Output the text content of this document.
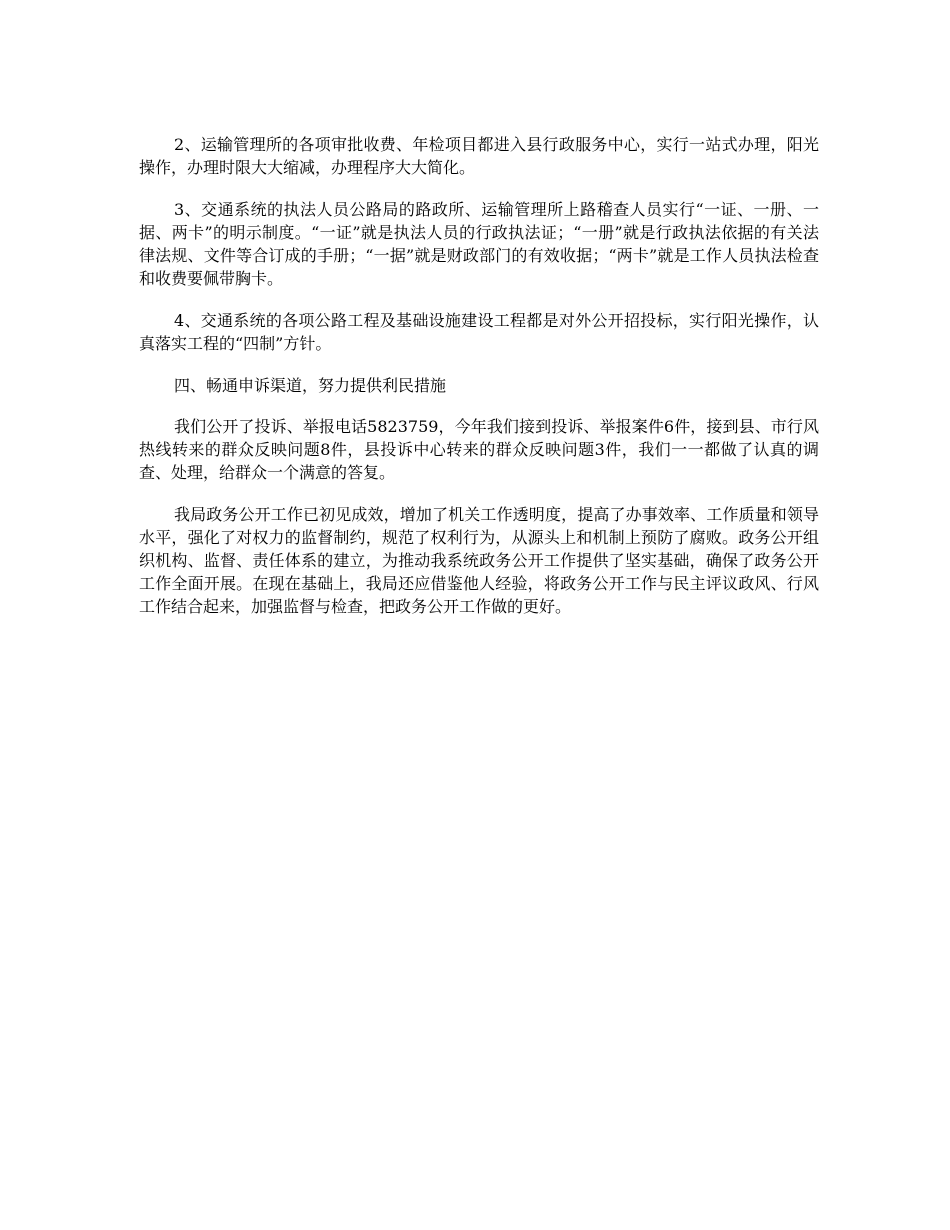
2、运输管理所的各项审批收费、年检项目都进入县行政服务中心，实行一站式办理，阳光操作，办理时限大大缩减，办理程序大大简化。

3、交通系统的执法人员公路局的路政所、运输管理所上路稽查人员实行“一证、一册、一据、两卡”的明示制度。“一证”就是执法人员的行政执法证；“一册”就是行政执法依据的有关法律法规、文件等合订成的手册；“一据”就是财政部门的有效收据；“两卡”就是工作人员执法检查和收费要佩带胸卡。

4、交通系统的各项公路工程及基础设施建设工程都是对外公开招投标，实行阳光操作，认真落实工程的“四制”方针。

四、畅通申诉渠道，努力提供利民措施

我们公开了投诉、举报电话5823759，今年我们接到投诉、举报案件6件，接到县、市行风热线转来的群众反映问题8件，县投诉中心转来的群众反映问题3件，我们一一都做了认真的调查、处理，给群众一个满意的答复。

我局政务公开工作已初见成效，增加了机关工作透明度，提高了办事效率、工作质量和领导水平，强化了对权力的监督制约，规范了权利行为，从源头上和机制上预防了腐败。政务公开组织机构、监督、责任体系的建立，为推动我系统政务公开工作提供了坚实基础，确保了政务公开工作全面开展。在现在基础上，我局还应借鉴他人经验，将政务公开工作与民主评议政风、行风工作结合起来，加强监督与检查，把政务公开工作做的更好。
